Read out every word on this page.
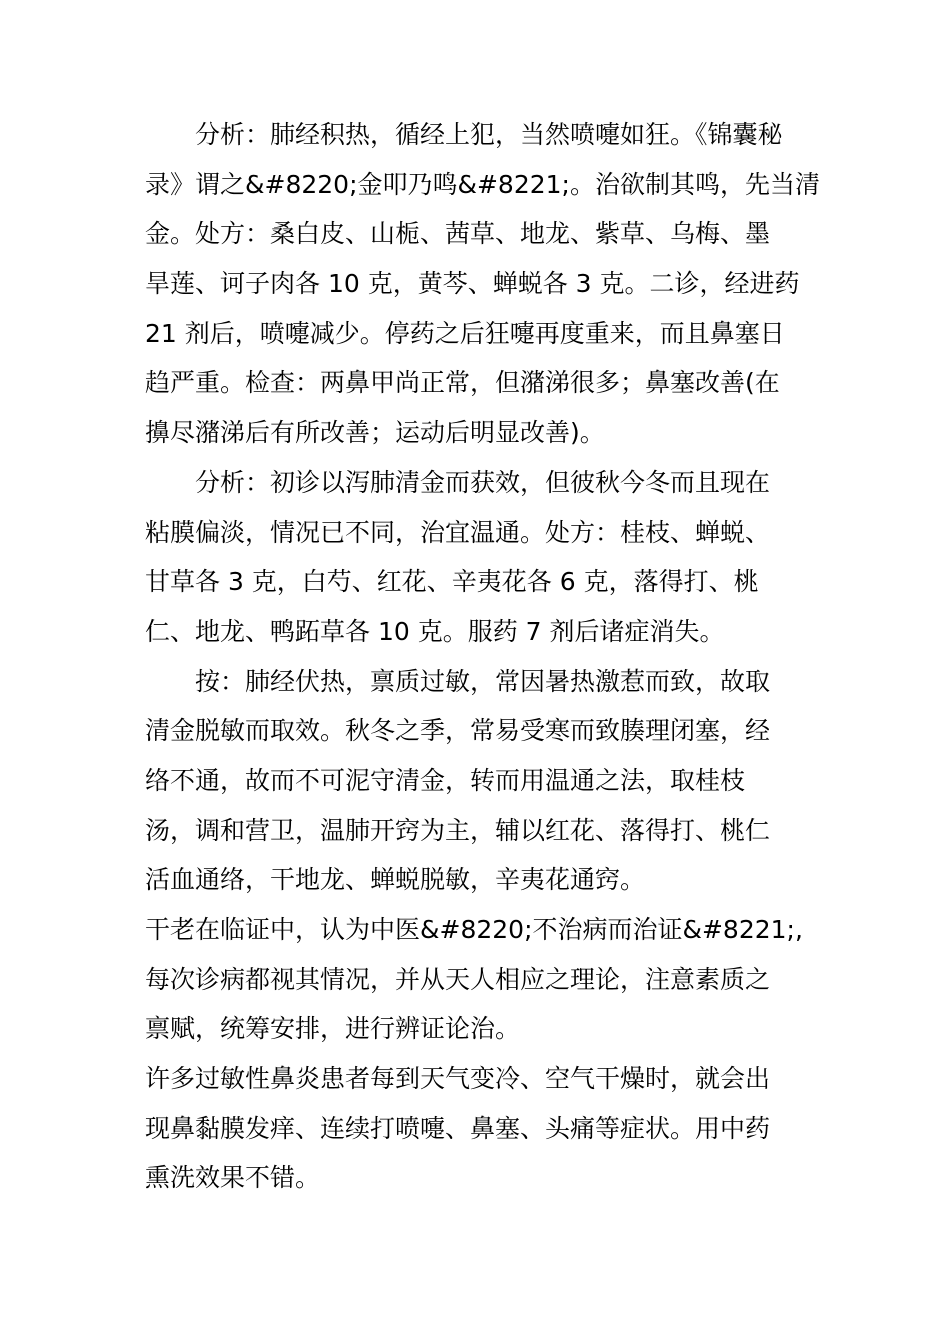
分析：肺经积热，循经上犯，当然喷嚏如狂。《锦囊秘
录》谓之&#8220;金叩乃鸣&#8221;。治欲制其鸣，先当清
金。处方：桑白皮、山栀、茜草、地龙、紫草、乌梅、墨
旱莲、诃子肉各 10 克，黄芩、蝉蜕各 3 克。二诊，经进药
21 剂后，喷嚏减少。停药之后狂嚏再度重来，而且鼻塞日
趋严重。检查：两鼻甲尚正常，但潴涕很多；鼻塞改善(在
擤尽潴涕后有所改善；运动后明显改善)。

分析：初诊以泻肺清金而获效，但彼秋今冬而且现在
粘膜偏淡，情况已不同，治宜温通。处方：桂枝、蝉蜕、
甘草各 3 克，白芍、红花、辛夷花各 6 克，落得打、桃
仁、地龙、鸭跖草各 10 克。服药 7 剂后诸症消失。

按：肺经伏热，禀质过敏，常因暑热激惹而致，故取
清金脱敏而取效。秋冬之季，常易受寒而致腠理闭塞，经
络不通，故而不可泥守清金，转而用温通之法，取桂枝
汤，调和营卫，温肺开窍为主，辅以红花、落得打、桃仁
活血通络，干地龙、蝉蜕脱敏，辛夷花通窍。

干老在临证中，认为中医&#8220;不治病而治证&#8221;,
每次诊病都视其情况，并从天人相应之理论，注意素质之
禀赋，统筹安排，进行辨证论治。

许多过敏性鼻炎患者每到天气变冷、空气干燥时，就会出
现鼻黏膜发痒、连续打喷嚏、鼻塞、头痛等症状。用中药
熏洗效果不错。
